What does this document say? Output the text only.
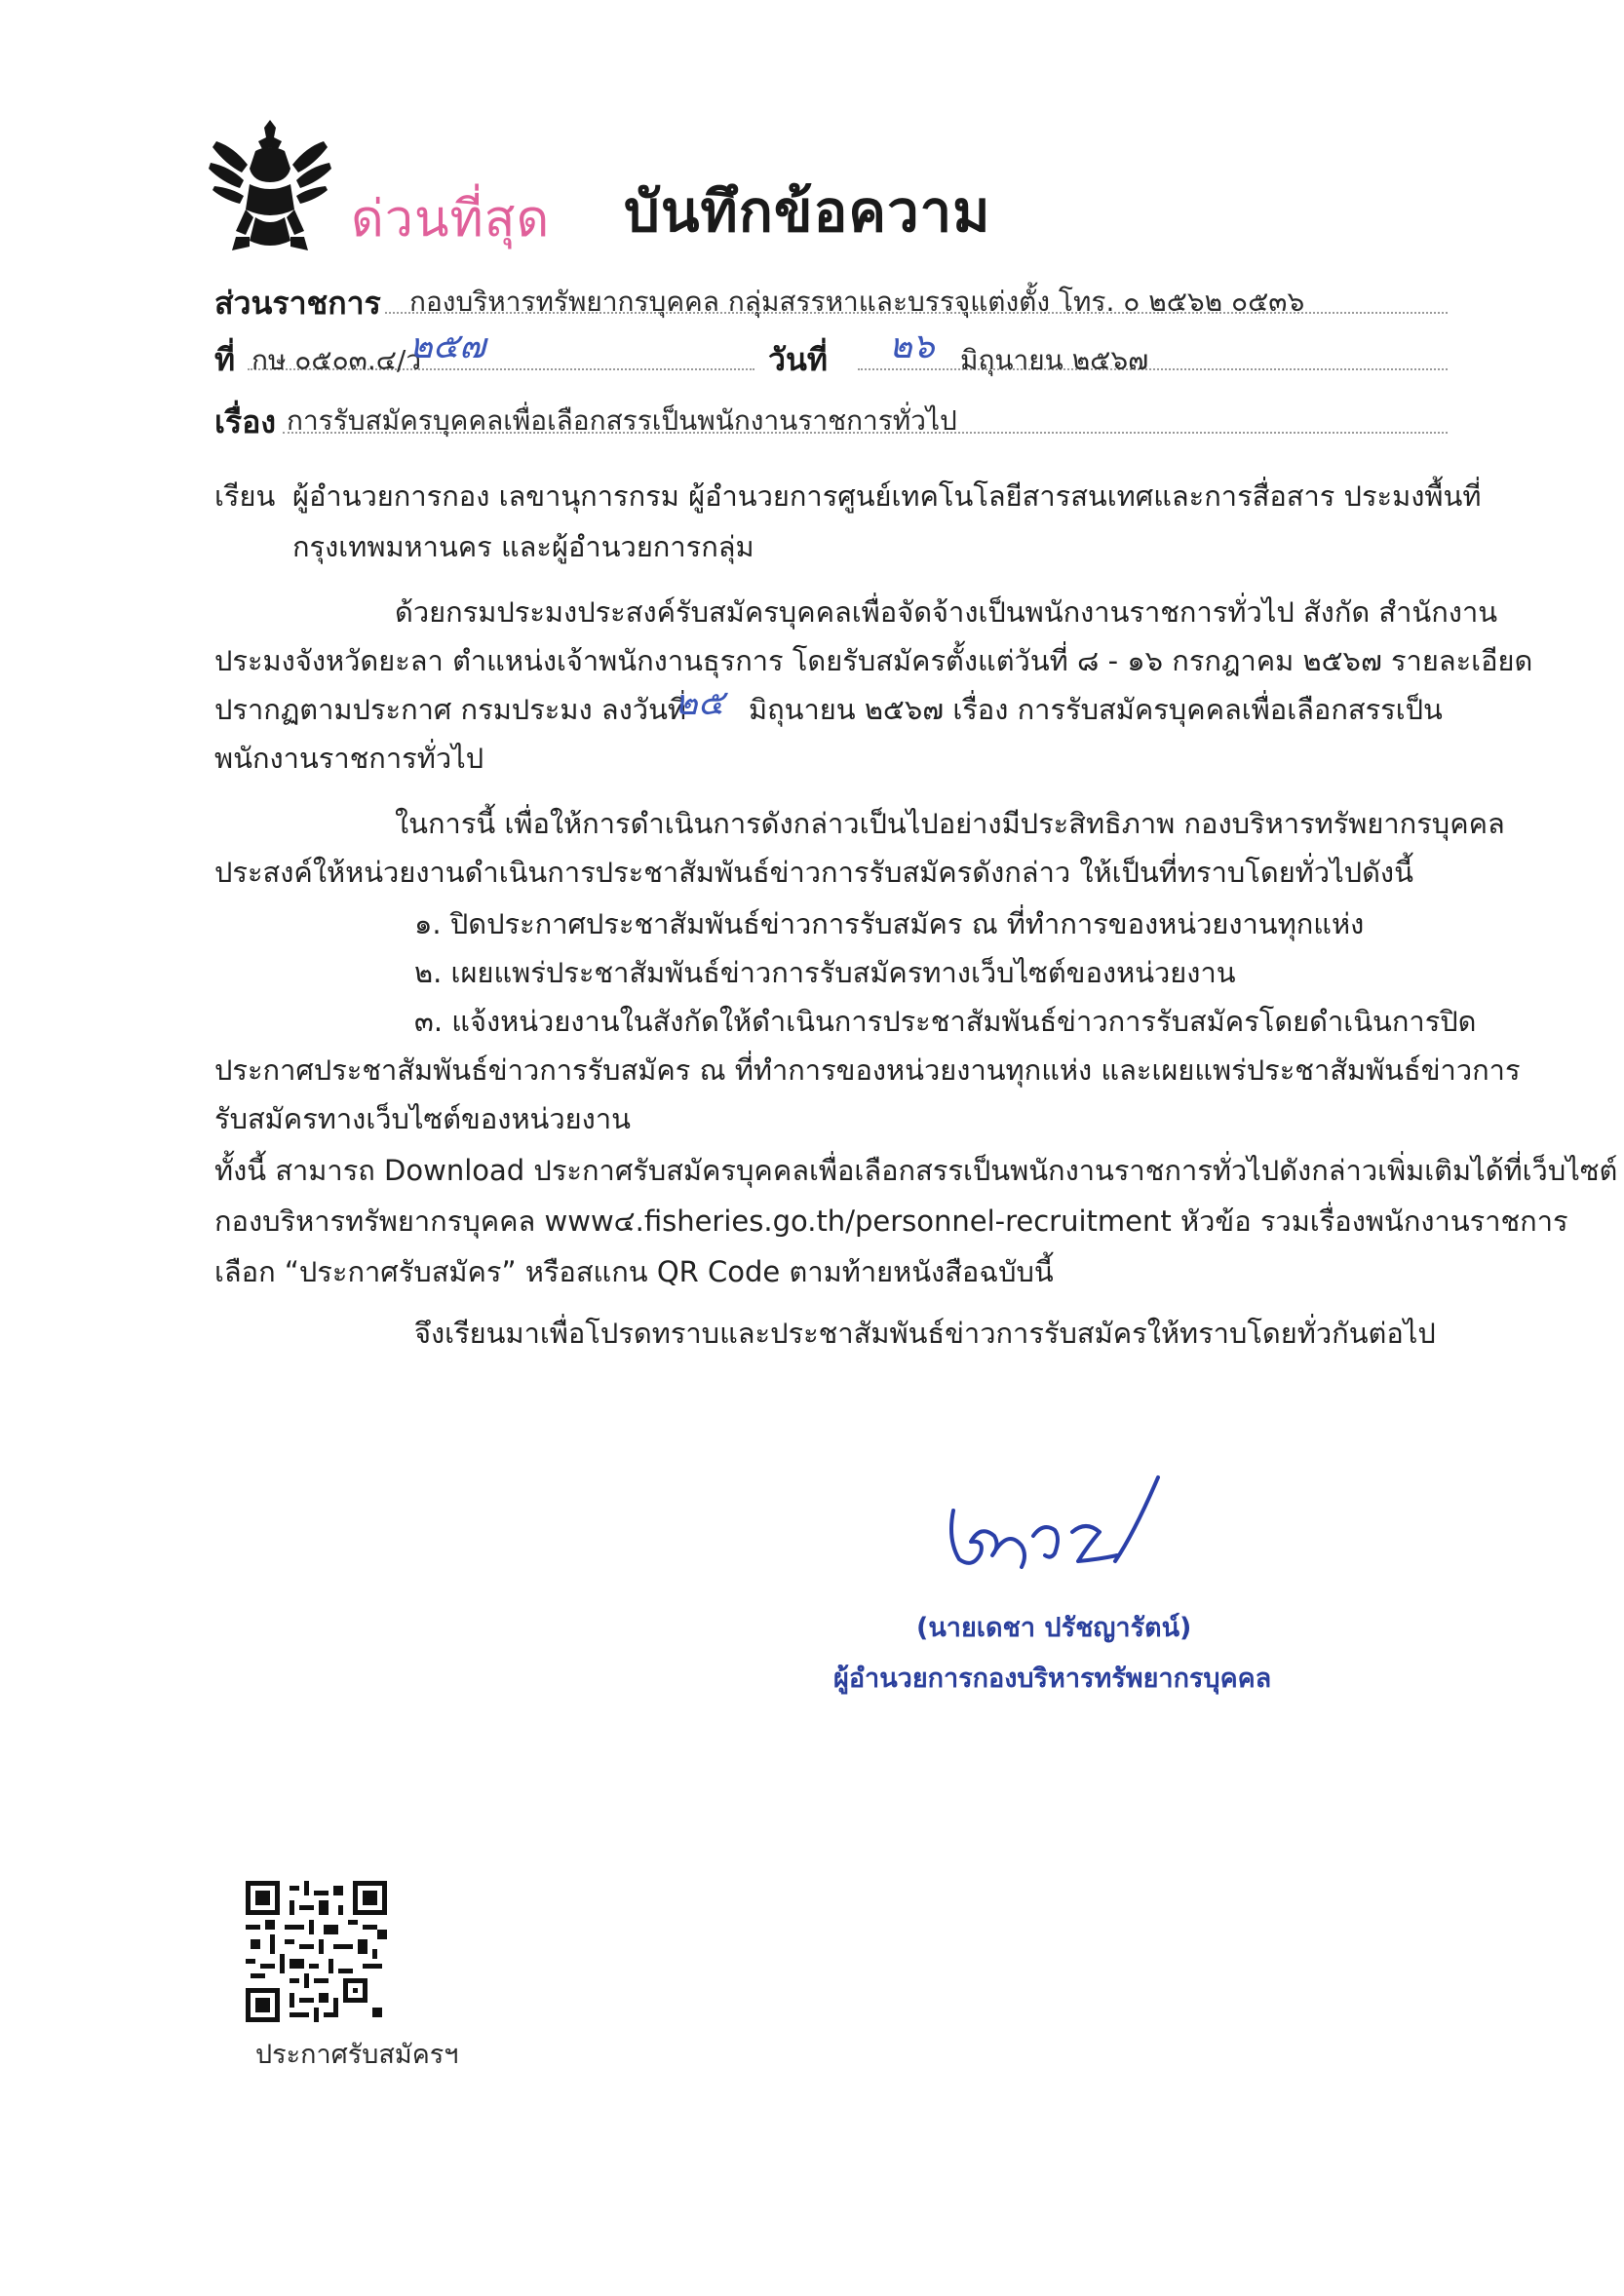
ด่วนที่สุด บันทึกข้อความ
ส่วนราชการ กองบริหารทรัพยากรบุคคล กลุ่มสรรหาและบรรจุแต่งตั้ง โทร. ๐ ๒๕๖๒ ๐๕๓๖
ที่ กษ ๐๕๐๓.๔/ว
๒๕๗	วันที่ ๒๖ มิถุนายน ๒๕๖๗
เรื่อง การรับสมัครบุคคลเพื่อเลือกสรรเป็นพนักงานราชการทั่วไป
เรียน ผู้อำนวยการกอง เลขานุการกรม ผู้อำนวยการศูนย์เทคโนโลยีสารสนเทศและการสื่อสาร ประมงพื้นที่
กรุงเทพมหานคร และผู้อำนวยการกลุ่ม
ด้วยกรมประมงประสงค์รับสมัครบุคคลเพื่อจัดจ้างเป็นพนักงานราชการทั่วไป สังกัด สำนักงาน
ประมงจังหวัดยะลา ตำแหน่งเจ้าพนักงานธุรการ โดยรับสมัครตั้งแต่วันที่ ๘ - ๑๖ กรกฎาคม ๒๕๖๗ รายละเอียด
ปรากฏตามประกาศ กรมประมง ลงวันที่
๒๕ มิถุนายน ๒๕๖๗ เรื่อง การรับสมัครบุคคลเพื่อเลือกสรรเป็น
พนักงานราชการทั่วไป
ในการนี้ เพื่อให้การดำเนินการดังกล่าวเป็นไปอย่างมีประสิทธิภาพ กองบริหารทรัพยากรบุคคล
ประสงค์ให้หน่วยงานดำเนินการประชาสัมพันธ์ข่าวการรับสมัครดังกล่าว ให้เป็นที่ทราบโดยทั่วไปดังนี้
๑. ปิดประกาศประชาสัมพันธ์ข่าวการรับสมัคร ณ ที่ทำการของหน่วยงานทุกแห่ง
๒. เผยแพร่ประชาสัมพันธ์ข่าวการรับสมัครทางเว็บไซต์ของหน่วยงาน
๓. แจ้งหน่วยงานในสังกัดให้ดำเนินการประชาสัมพันธ์ข่าวการรับสมัครโดยดำเนินการปิด
ประกาศประชาสัมพันธ์ข่าวการรับสมัคร ณ ที่ทำการของหน่วยงานทุกแห่ง และเผยแพร่ประชาสัมพันธ์ข่าวการ
รับสมัครทางเว็บไซต์ของหน่วยงาน
ทั้งนี้ สามารถ Download ประกาศรับสมัครบุคคลเพื่อเลือกสรรเป็นพนักงานราชการทั่วไปดังกล่าวเพิ่มเติมได้ที่เว็บไซต์
กองบริหารทรัพยากรบุคคล www๔.fisheries.go.th/personnel-recruitment หัวข้อ รวมเรื่องพนักงานราชการ
เลือก “ประกาศรับสมัคร” หรือสแกน QR Code ตามท้ายหนังสือฉบับนี้
จึงเรียนมาเพื่อโปรดทราบและประชาสัมพันธ์ข่าวการรับสมัครให้ทราบโดยทั่วกันต่อไป
(นายเดชา ปรัชญารัตน์)
ผู้อำนวยการกองบริหารทรัพยากรบุคคล
ประกาศรับสมัครฯ
